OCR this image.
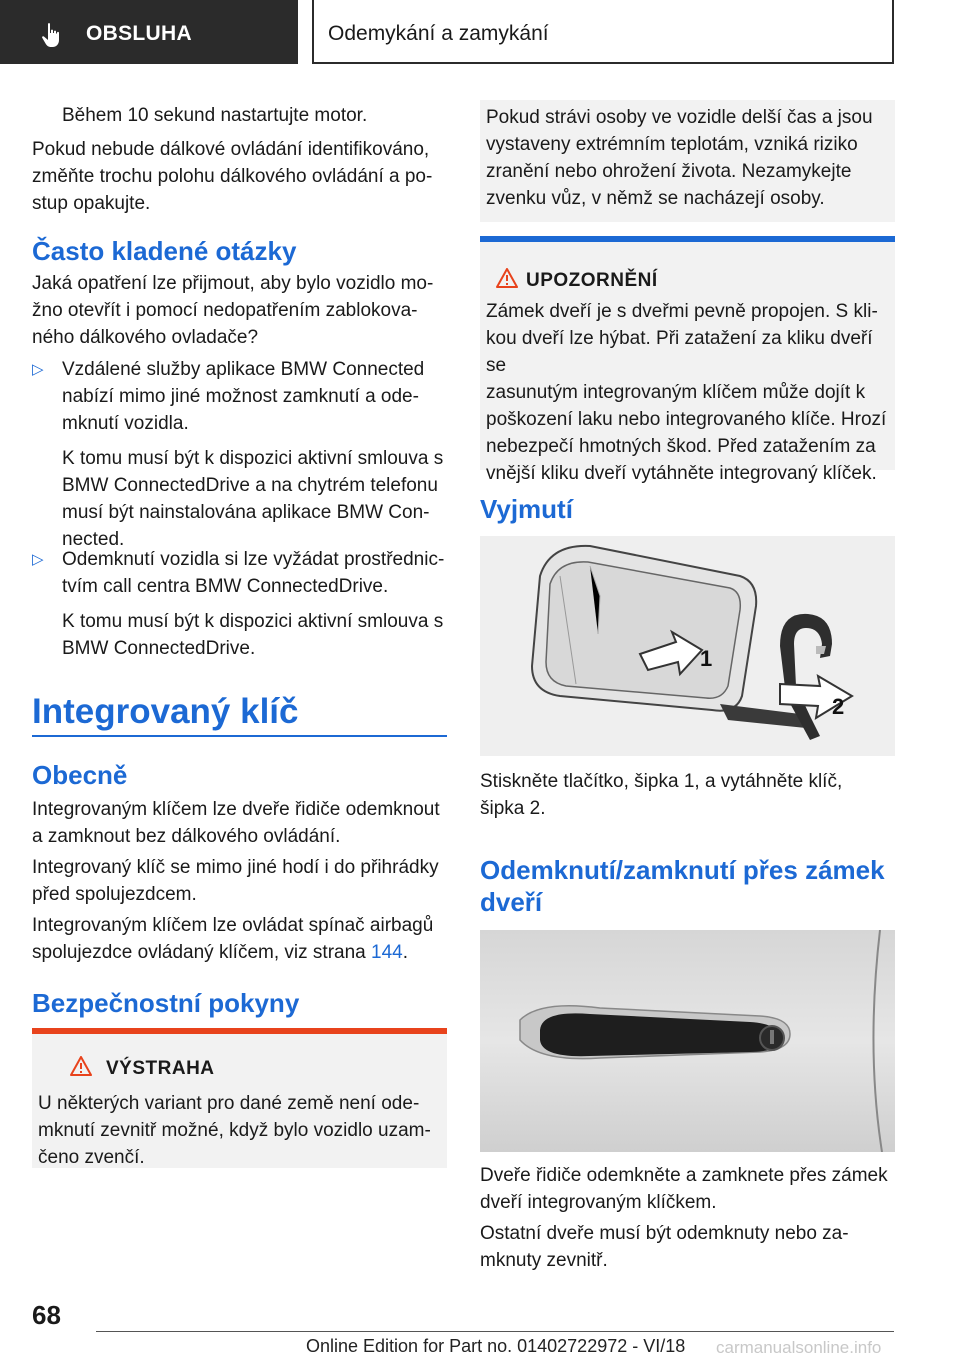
OBSLUHA	Odemykání a zamykání
Během 10 sekund nastartujte motor.
Pokud nebude dálkové ovládání identifikováno,
změňte trochu polohu dálkového ovládání a po-
stup opakujte.
Často kladené otázky
Jaká opatření lze přijmout, aby bylo vozidlo mo-
žno otevřít i pomocí nedopatřením zablokova-
ného dálkového ovladače?
▷ Vzdálené služby aplikace BMW Connected
nabízí mimo jiné možnost zamknutí a ode-
mknutí vozidla.
K tomu musí být k dispozici aktivní smlouva s
BMW ConnectedDrive a na chytrém telefonu
musí být nainstalována aplikace BMW Con-
nected.
▷ Odemknutí vozidla si lze vyžádat prostřednic-
tvím call centra BMW ConnectedDrive.
K tomu musí být k dispozici aktivní smlouva s
BMW ConnectedDrive.
Integrovaný klíč
Obecně
Integrovaným klíčem lze dveře řidiče odemknout
a zamknout bez dálkového ovládání.
Integrovaný klíč se mimo jiné hodí i do přihrádky
před spolujezdcem.
Integrovaným klíčem lze ovládat spínač airbagů
spolujezdce ovládaný klíčem, viz strana 144.
Bezpečnostní pokyny
VÝSTRAHA
U některých variant pro dané země není ode-
mknutí zevnitř možné, když bylo vozidlo uzam-
čeno zvenčí.
Pokud strávi osoby ve vozidle delší čas a jsou
vystaveny extrémním teplotám, vzniká riziko
zranění nebo ohrožení života. Nezamykejte
zvenku vůz, v němž se nacházejí osoby.
UPOZORNĚNÍ
Zámek dveří je s dveřmi pevně propojen. S kli-
kou dveří lze hýbat. Při zatažení za kliku dveří se
zasunutým integrovaným klíčem může dojít k
poškození laku nebo integrovaného klíče. Hrozí
nebezpečí hmotných škod. Před zatažením za
vnější kliku dveří vytáhněte integrovaný klíček.
Vyjmutí
1
2
Stiskněte tlačítko, šipka 1, a vytáhněte klíč,
šipka 2.
Odemknutí/zamknutí přes zámek
dveří
Dveře řidiče odemkněte a zamknete přes zámek
dveří integrovaným klíčkem.
Ostatní dveře musí být odemknuty nebo za-
mknuty zevnitř.
68
Online Edition for Part no. 01402722972 - VI/18 carmanualsonline.info
